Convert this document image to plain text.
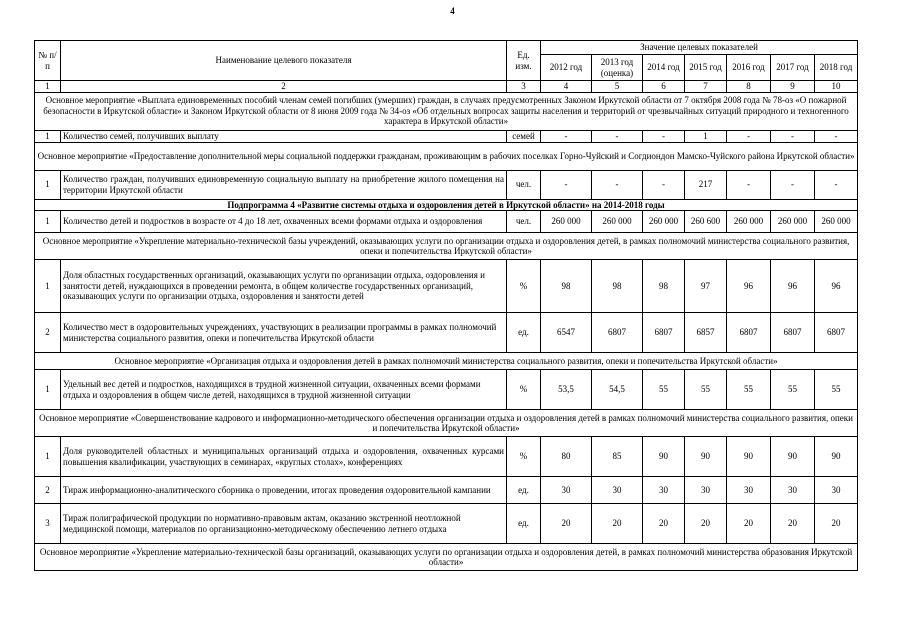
4
№ п/п	Наименование целевого показателя	Ед. изм.	Значение целевых показателей						
			2012 год	2013 год (оценка)	2014 год	2015 год	2016 год	2017 год	2018 год
1	2	3	4	5	6	7	8	9	10
Основное мероприятие «Выплата единовременных пособий членам семей погибших (умерших) граждан, в случаях предусмотренных Законом Иркутской области от 7 октября 2008 года № 78-оз «О пожарной безопасности в Иркутской области» и Законом Иркутской области от 8 июня 2009 года № 34-оз «Об отдельных вопросах защиты населения и территорий от чрезвычайных ситуаций природного и техногенного характера в Иркутской области»									
1	Количество семей, получивших выплату	семей	-	-	-	1	-	-	-
Основное мероприятие «Предоставление дополнительной меры социальной поддержки гражданам, проживающим в рабочих поселках Горно-Чуйский и Согдиондон Мамско-Чуйского района Иркутской области»									
1	Количество граждан, получивших единовременную социальную выплату на приобретение жилого помещения на территории Иркутской области	чел.	-	-	-	217	-	-	-
Подпрограмма 4 «Развитие системы отдыха и оздоровления детей в Иркутской области» на 2014-2018 годы									
1	Количество детей и подростков в возрасте от 4 до 18 лет, охваченных всеми формами отдыха и оздоровления	чел.	260 000	260 000	260 000	260 600	260 000	260 000	260 000
Основное мероприятие «Укрепление материально-технической базы учреждений, оказывающих услуги по организации отдыха и оздоровления детей, в рамках полномочий министерства социального развития, опеки и попечительства Иркутской области»									
1	Доля областных государственных организаций, оказывающих услуги по организации отдыха, оздоровления и занятости детей, нуждающихся в проведении ремонта, в общем количестве государственных организаций, оказывающих услуги по организации отдыха, оздоровления и занятости детей	%	98	98	98	97	96	96	96
2	Количество мест в оздоровительных учреждениях, участвующих в реализации программы в рамках полномочий министерства социального развития, опеки и попечительства Иркутской области	ед.	6547	6807	6807	6857	6807	6807	6807
Основное мероприятие «Организация отдыха и оздоровления детей в рамках полномочий министерства социального развития, опеки и попечительства Иркутской области»									
1	Удельный вес детей и подростков, находящихся в трудной жизненной ситуации, охваченных всеми формами отдыха и оздоровления в общем числе детей, находящихся в трудной жизненной ситуации	%	53,5	54,5	55	55	55	55	55
Основное мероприятие «Совершенствование кадрового и информационно-методического обеспечения организации отдыха и оздоровления детей в рамках полномочий министерства социального развития, опеки и попечительства Иркутской области»									
1	Доля руководителей областных и муниципальных организаций отдыха и оздоровления, охваченных курсами повышения квалификации, участвующих в семинарах, «круглых столах», конференциях	%	80	85	90	90	90	90	90
2	Тираж информационно-аналитического сборника о проведении, итогах проведения оздоровительной кампании	ед.	30	30	30	30	30	30	30
3	Тираж полиграфической продукции по нормативно-правовым актам, оказанию экстренной неотложной медицинской помощи, материалов по организационно-методическому обеспечению летнего отдыха	ед.	20	20	20	20	20	20	20
Основное мероприятие «Укрепление материально-технической базы организаций, оказывающих услуги по организации отдыха и оздоровления детей, в рамках полномочий министерства образования Иркутской области»									
